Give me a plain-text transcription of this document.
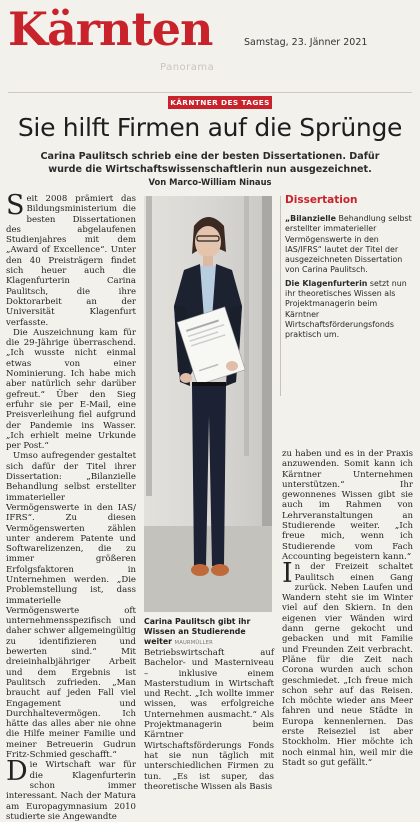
Kärnten	Samstag, 23. Jänner 2021
Panorama
KÄRNTNER DES TAGES
Sie hilft Firmen auf die Sprünge
Carina Paulitsch schrieb eine der besten Dissertationen. Dafür wurde die Wirtschaftswissenschaftlerin nun ausgezeichnet.
Von Marco-William Ninaus

Seit 2008 prämiert das Bildungsministerium die besten Dissertationen des abgelaufenen Studienjahres mit dem „Award of Excellence“. Unter den 40 Preisträgern findet sich heuer auch die Klagenfurterin Carina Paulitsch, die ihre Doktorarbeit an der Universität Klagenfurt verfasste.

Die Auszeichnung kam für die 29-Jährige überraschend. „Ich wusste nicht einmal etwas von einer Nominierung. Ich habe mich aber natürlich sehr darüber gefreut.“ Über den Sieg erfuhr sie per E-Mail, eine Preisverleihung fiel aufgrund der Pandemie ins Wasser. „Ich erhielt meine Urkunde per Post.“

Umso aufregender gestaltet sich dafür der Titel ihrer Dissertation: „Bilanzielle Behandlung selbst erstellter immaterieller Vermögenswerte in den IAS/ IFRS“. Zu diesen Vermögenswerten zählen unter anderem Patente und Softwarelizenzen, die zu immer größeren Erfolgsfaktoren in Unternehmen werden. „Die Problemstellung ist, dass immaterielle Vermögenswerte oft unternehmensspezifisch und daher schwer allgemeingültig zu identifizieren und bewerten sind.“ Mit dreieinhalbjähriger Arbeit und dem Ergebnis ist Paulitsch zufrieden. „Man braucht auf jeden Fall viel Engagement und Durchhaltevermögen. Ich hätte das alles aber nie ohne die Hilfe meiner Familie und meiner Betreuerin Gudrun Fritz-Schmied geschafft.“

Die Wirtschaft war für die Klagenfurterin schon immer interessant. Nach der Matura am Europagymnasium 2010 studierte sie Angewandte

Carina Paulitsch gibt ihr Wissen an Studierende weiter MAURMÜLLER
Dissertation

„Bilanzielle Behandlung selbst erstellter immaterieller Vermögenswerte in den IAS/IFRS“ lautet der Titel der ausgezeichneten Dissertation von Carina Paulitsch.

Die Klagenfurterin setzt nun ihr theoretisches Wissen als Projektmanagerin beim Kärntner Wirtschaftsförderungsfonds praktisch um.

Betriebswirtschaft auf Bachelor- und Masterniveau – inklusive einem Masterstudium in Wirtschaft und Recht. „Ich wollte immer wissen, was erfolgreiche Unternehmen ausmacht.“ Als Projektmanagerin beim Kärntner Wirtschaftsförderungs Fonds hat sie nun täglich mit unterschiedlichen Firmen zu tun. „Es ist super, das theoretische Wissen als Basis

zu haben und es in der Praxis anzuwenden. Somit kann ich Kärntner Unternehmen unterstützen.“ Ihr gewonnenes Wissen gibt sie auch im Rahmen von Lehrveranstaltungen an Studierende weiter. „Ich freue mich, wenn ich Studierende vom Fach Accounting begeistern kann.“

In der Freizeit schaltet Paulitsch einen Gang zurück. Neben Laufen und Wandern steht sie im Winter viel auf den Skiern. In den eigenen vier Wänden wird dann gerne gekocht und gebacken und mit Familie und Freunden Zeit verbracht. Pläne für die Zeit nach Corona wurden auch schon geschmiedet. „Ich freue mich schon sehr auf das Reisen. Ich möchte wieder ans Meer fahren und neue Städte in Europa kennenlernen. Das erste Reiseziel ist aber Stockholm. Hier möchte ich noch einmal hin, weil mir die Stadt so gut gefällt.“
